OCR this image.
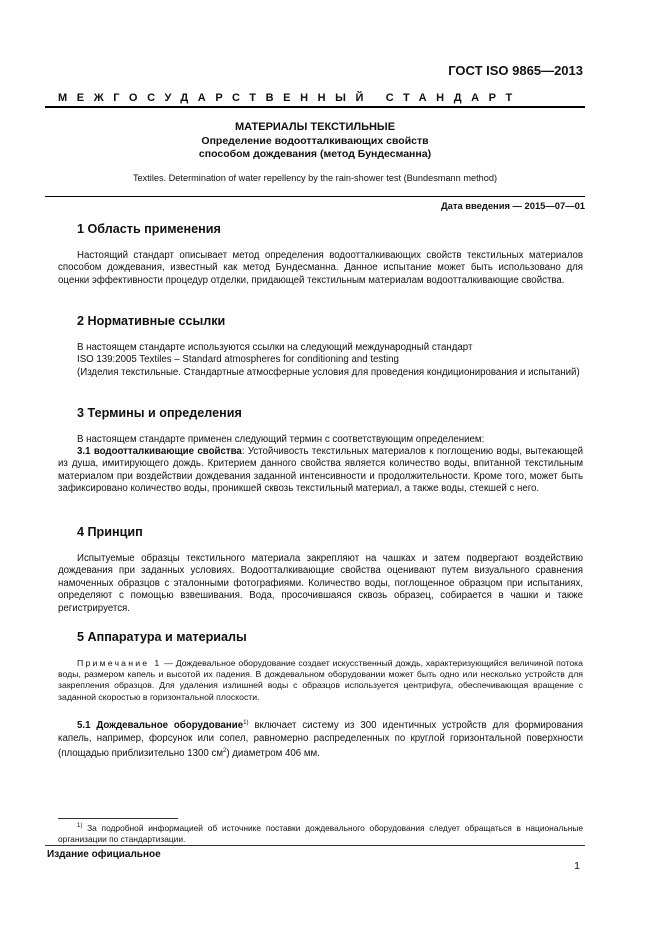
ГОСТ ISO 9865—2013
МЕЖГОСУДАРСТВЕННЫЙ СТАНДАРТ
МАТЕРИАЛЫ ТЕКСТИЛЬНЫЕ
Определение водоотталкивающих свойств
способом дождевания (метод Бундесманна)
Textiles. Determination of water repellency by the rain-shower test (Bundesmann method)
Дата введения — 2015—07—01
1 Область применения

Настоящий стандарт описывает метод определения водоотталкивающих свойств текстильных материалов способом дождевания, известный как метод Бундесманна. Данное испытание может быть использовано для оценки эффективности процедур отделки, придающей текстильным материалам водоотталкивающие свойства.

2 Нормативные ссылки
В настоящем стандарте используются ссылки на следующий международный стандарт
ISO 139:2005 Textiles – Standard atmospheres for conditioning and testing

(Изделия текстильные. Стандартные атмосферные условия для проведения кондиционирования и испытаний)

3 Термины и определения
В настоящем стандарте применен следующий термин с соответствующим определением:

3.1 водоотталкивающие свойства: Устойчивость текстильных материалов к поглощению воды, вытекающей из душа, имитирующего дождь. Критерием данного свойства является количество воды, впитанной текстильным материалом при воздействии дождевания заданной интенсивности и продолжительности. Кроме того, может быть зафиксировано количество воды, проникшей сквозь текстильный материал, а также воды, стекшей с него.

4 Принцип

Испытуемые образцы текстильного материала закрепляют на чашках и затем подвергают воздействию дождевания при заданных условиях. Водоотталкивающие свойства оценивают путем визуального сравнения намоченных образцов с эталонными фотографиями. Количество воды, поглощенное образцом при испытаниях, определяют с помощью взвешивания. Вода, просочившаяся сквозь образец, собирается в чашки и также регистрируется.

5 Аппаратура и материалы

Примечание 1 — Дождевальное оборудование создает искусственный дождь, характеризующийся величиной потока воды, размером капель и высотой их падения. В дождевальном оборудовании может быть одно или несколько устройств для закрепления образцов. Для удаления излишней воды с образцов используется центрифуга, обеспечивающая вращение с заданной скоростью в горизонтальной плоскости.

5.1 Дождевальное оборудование$^{1)}$ включает систему из 300 идентичных устройств для формирования капель, например, форсунок или сопел, равномерно распределенных по круглой горизонтальной поверхности (площадью приблизительно 1300 $см^2$) диаметром 406 мм.

$^{1)}$ За подробной информацией об источнике поставки дождевального оборудования следует обращаться в национальные организации по стандартизации.
Издание официальное
1
